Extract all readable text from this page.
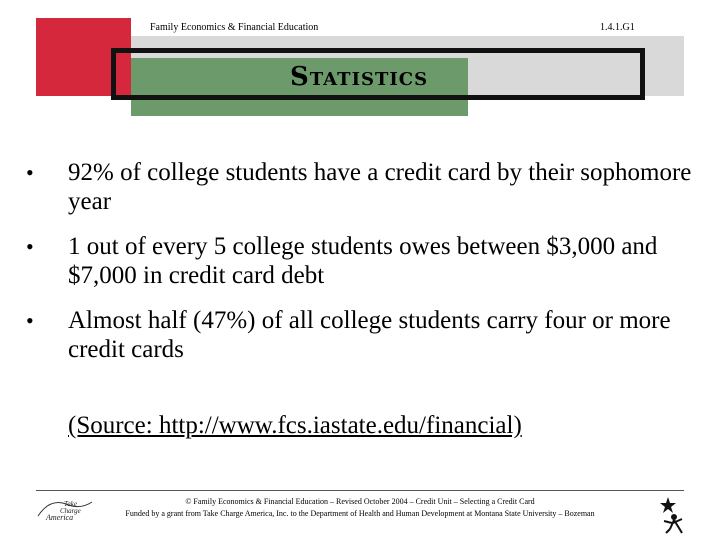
Family Economics & Financial Education	1.4.1.G1
Statistics
• 92% of college students have a credit card by their sophomore year
• 1 out of every 5 college students owes between $3,000 and $7,000 in credit card debt
• Almost half (47%) of all college students carry four or more credit cards
(Source: http://www.fcs.iastate.edu/financial)
Take
Charge
America
© Family Economics & Financial Education – Revised October 2004 – Credit Unit – Selecting a Credit Card
Funded by a grant from Take Charge America, Inc. to the Department of Health and Human Development at Montana State University – Bozeman
